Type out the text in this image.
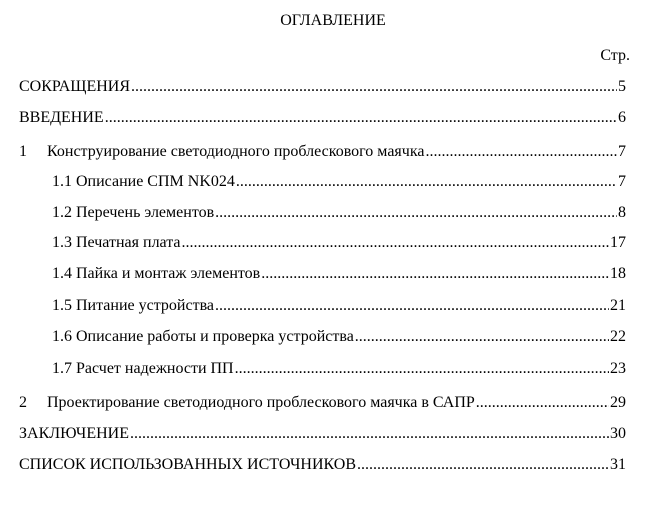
ОГЛАВЛЕНИЕ
Стр.
СОКРАЩЕНИЯ .....	5
ВВЕДЕНИЕ .....	6
1	Конструирование светодиодного проблескового маячка .....	7
1.1 Описание СПМ NK024 .....	7
1.2 Перечень элементов .....	8
1.3 Печатная плата .....	17
1.4 Пайка и монтаж элементов .....	18
1.5 Питание устройства .....	21
1.6 Описание работы и проверка устройства .....	22
1.7 Расчет надежности ПП .....	23
2	Проектирование светодиодного проблескового маячка в САПР .....	29
ЗАКЛЮЧЕНИЕ .....	30
СПИСОК ИСПОЛЬЗОВАННЫХ ИСТОЧНИКОВ .....	31
